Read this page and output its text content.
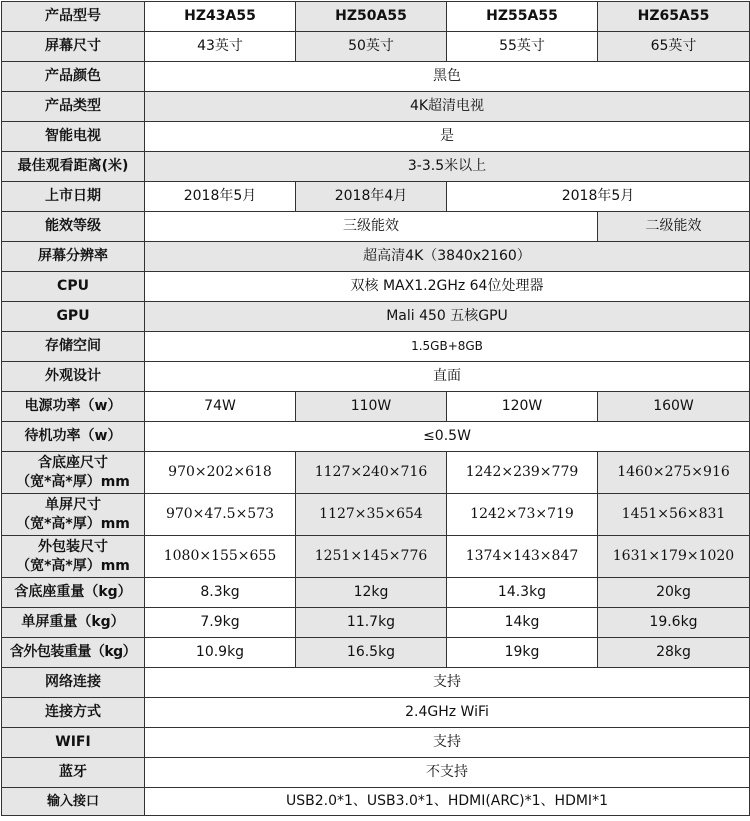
产品型号	HZ43A55	HZ50A55	HZ55A55	HZ65A55
屏幕尺寸	43英寸	50英寸	55英寸	65英寸
产品颜色	黑色			
产品类型	4K超清电视			
智能电视	是			
最佳观看距离(米)	3-3.5米以上			
上市日期	2018年5月	2018年4月	2018年5月	
能效等级	三级能效			二级能效
屏幕分辨率	超高清4K（3840x2160）			
CPU	双核 MAX1.2GHz 64位处理器			
GPU	Mali 450 五核GPU			
存储空间	1.5GB+8GB			
外观设计	直面			
电源功率（w）	74W	110W	120W	160W
待机功率（w）	≤0.5W			

含底座尺寸
（宽*高*厚）mm	970×202×618	1127×240×716	1242×239×779	1460×275×916

单屏尺寸
（宽*高*厚）mm	970×47.5×573	1127×35×654	1242×73×719	1451×56×831

外包装尺寸
（宽*高*厚）mm	1080×155×655	1251×145×776	1374×143×847	1631×179×1020
含底座重量（kg）	8.3kg	12kg	14.3kg	20kg
单屏重量（kg）	7.9kg	11.7kg	14kg	19.6kg
含外包装重量（kg）	10.9kg	16.5kg	19kg	28kg
网络连接	支持			
连接方式	2.4GHz WiFi			
WIFI	支持			
蓝牙	不支持			
输入接口	USB2.0*1、USB3.0*1、HDMI(ARC)*1、HDMI*1			
